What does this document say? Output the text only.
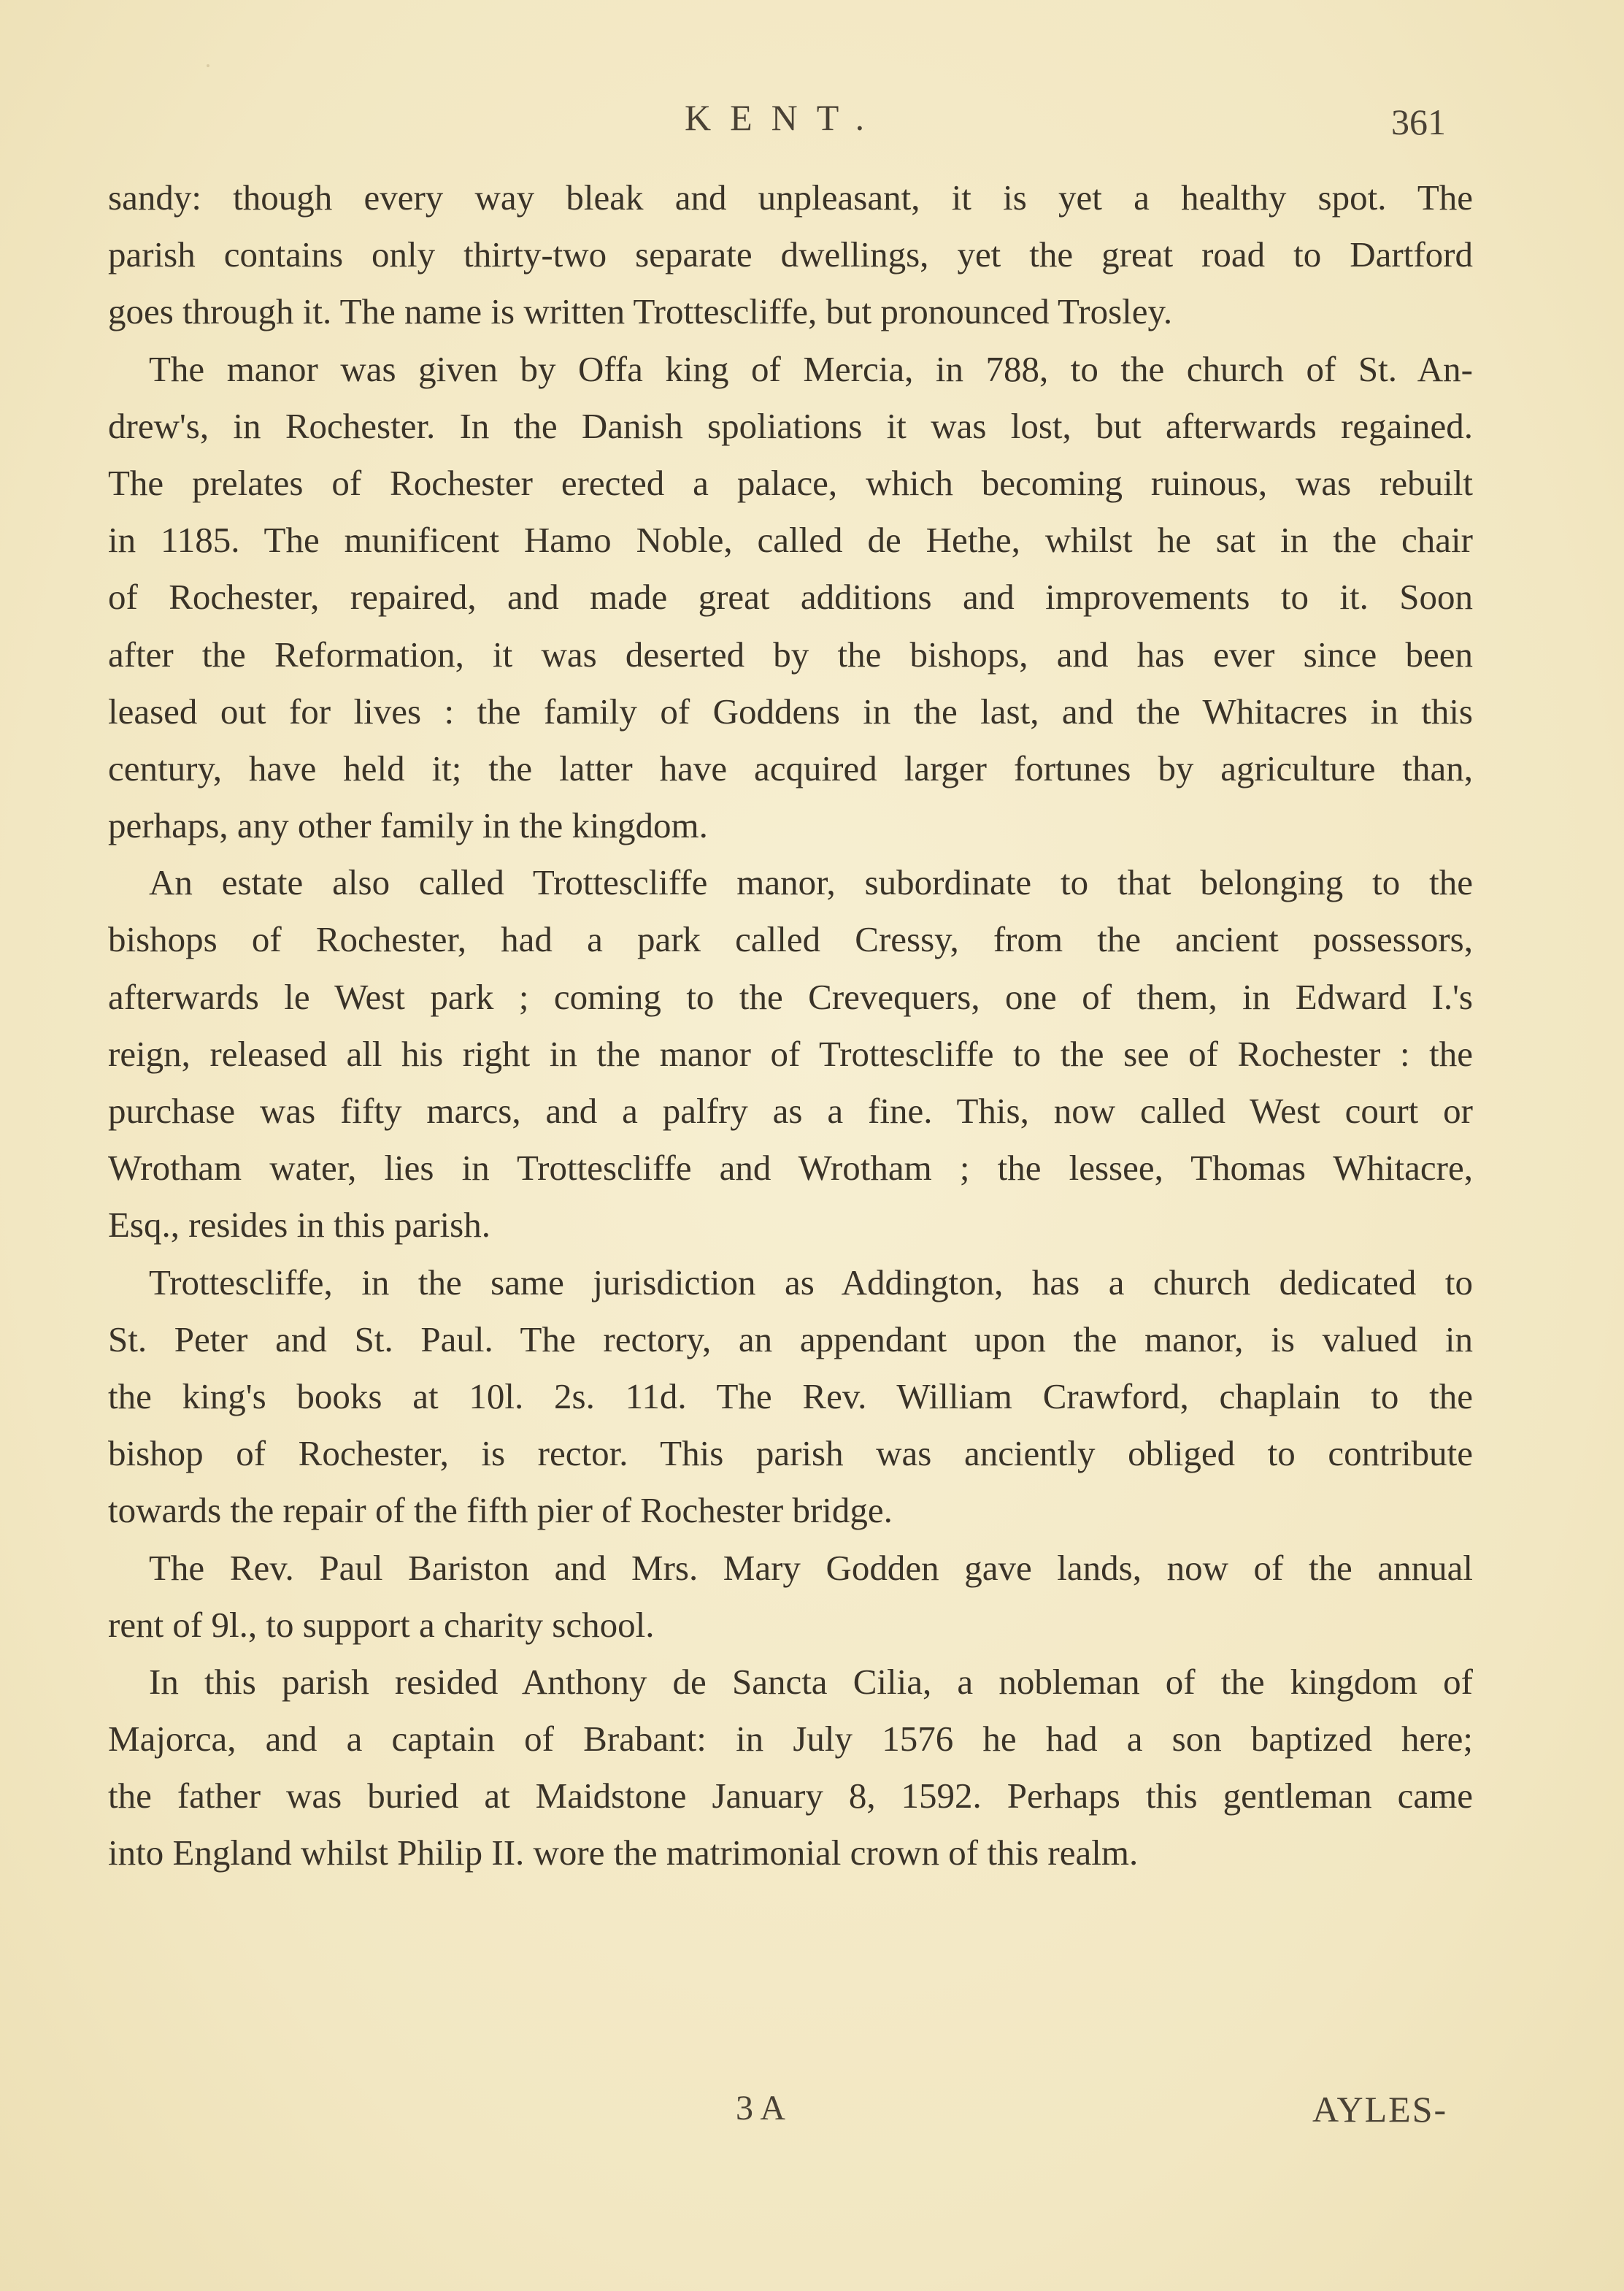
KENT.	361
sandy: though every way bleak and unpleasant, it is yet a healthy spot. The
parish contains only thirty-two separate dwellings, yet the great road to Dartford
goes through it. The name is written Trottescliffe, but pronounced Trosley.
The manor was given by Offa king of Mercia, in 788, to the church of St. An-
drew's, in Rochester. In the Danish spoliations it was lost, but afterwards regained.
The prelates of Rochester erected a palace, which becoming ruinous, was rebuilt
in 1185. The munificent Hamo Noble, called de Hethe, whilst he sat in the chair
of Rochester, repaired, and made great additions and improvements to it. Soon
after the Reformation, it was deserted by the bishops, and has ever since been
leased out for lives : the family of Goddens in the last, and the Whitacres in this
century, have held it; the latter have acquired larger fortunes by agriculture than,
perhaps, any other family in the kingdom.
An estate also called Trottescliffe manor, subordinate to that belonging to the
bishops of Rochester, had a park called Cressy, from the ancient possessors,
afterwards le West park ; coming to the Crevequers, one of them, in Edward I.'s
reign, released all his right in the manor of Trottescliffe to the see of Rochester : the
purchase was fifty marcs, and a palfry as a fine. This, now called West court or
Wrotham water, lies in Trottescliffe and Wrotham ; the lessee, Thomas Whitacre,
Esq., resides in this parish.
Trottescliffe, in the same jurisdiction as Addington, has a church dedicated to
St. Peter and St. Paul. The rectory, an appendant upon the manor, is valued in
the king's books at 10l. 2s. 11d. The Rev. William Crawford, chaplain to the
bishop of Rochester, is rector. This parish was anciently obliged to contribute
towards the repair of the fifth pier of Rochester bridge.
The Rev. Paul Bariston and Mrs. Mary Godden gave lands, now of the annual
rent of 9l., to support a charity school.
In this parish resided Anthony de Sancta Cilia, a nobleman of the kingdom of
Majorca, and a captain of Brabant: in July 1576 he had a son baptized here;
the father was buried at Maidstone January 8, 1592. Perhaps this gentleman came
into England whilst Philip II. wore the matrimonial crown of this realm.
3 A	AYLES-
